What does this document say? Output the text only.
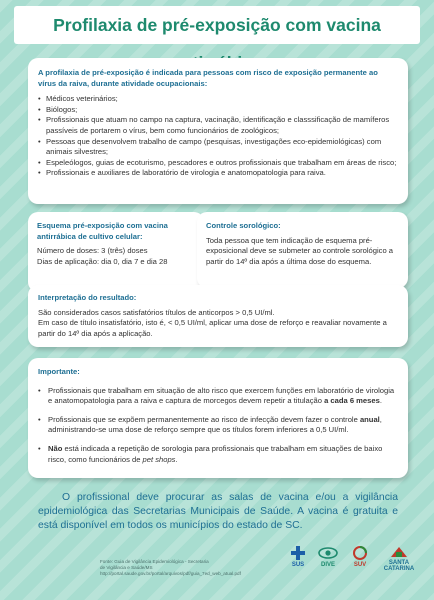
Profilaxia de pré-exposição com vacina
A profilaxia de pré-exposição é indicada para pessoas com risco de exposição permanente ao vírus da raiva, durante atividade ocupacionais:
• Médicos veterinários;
• Biólogos;
• Profissionais que atuam no campo na captura, vacinação, identificação e classsificação de mamíferos passíveis de portarem o vírus, bem como funcionários de zoológicos;
• Pessoas que desenvolvem trabalho de campo (pesquisas, investigações eco-epidemiológicas) com animais silvestres;
• Espeleólogos, guias de ecoturismo, pescadores e outros profissionais que trabalham em áreas de risco;
• Profissionais e auxiliares de laboratório de virologia e anatomopatologia para raiva.
Esquema pré-exposição com vacina antirrábica de cultivo celular:
Número de doses: 3 (três) doses
Dias de aplicação: dia 0, dia 7 e dia 28
Controle sorológico:
Toda pessoa que tem indicação de esquema pré-exposicional deve se submeter ao controle sorológico a partir do 14º dia após a última dose do esquema.
Interpretação do resultado:
São considerados casos satisfatórios títulos de anticorpos > 0,5 UI/ml.
Em caso de título insatisfatório, isto é, < 0,5 UI/ml, aplicar uma dose de reforço e reavaliar novamente a partir do 14º dia após a aplicação.
Importante:
• Profissionais que trabalham em situação de alto risco que exercem funções em laboratório de virologia e anatomopatologia para a raiva e captura de morcegos devem repetir a titulação a cada 6 meses.
• Profissionais que se expõem permanentemente ao risco de infecção devem fazer o controle anual, administrando-se uma dose de reforço sempre que os títulos forem inferiores a 0,5 UI/ml.
• Não está indicada a repetição de sorologia para profissionais que trabalham em situações de baixo risco, como funcionários de pet shops.
O profissional deve procurar as salas de vacina e/ou a vigilância epidemiológica das Secretarias Municipais de Saúde. A vacina é gratuita e está disponível em todos os municípios do estado de SC.
Fonte: Guia de Vigilância Epidemiológica - Secretaria de Vigilância e Saúde/MS
http://portal.saude.gov.br/portal/arquivos/pdf/guia_7ed_web_atual.pdf
SUS	DIVE	SUV	SANTA
CATARINA
